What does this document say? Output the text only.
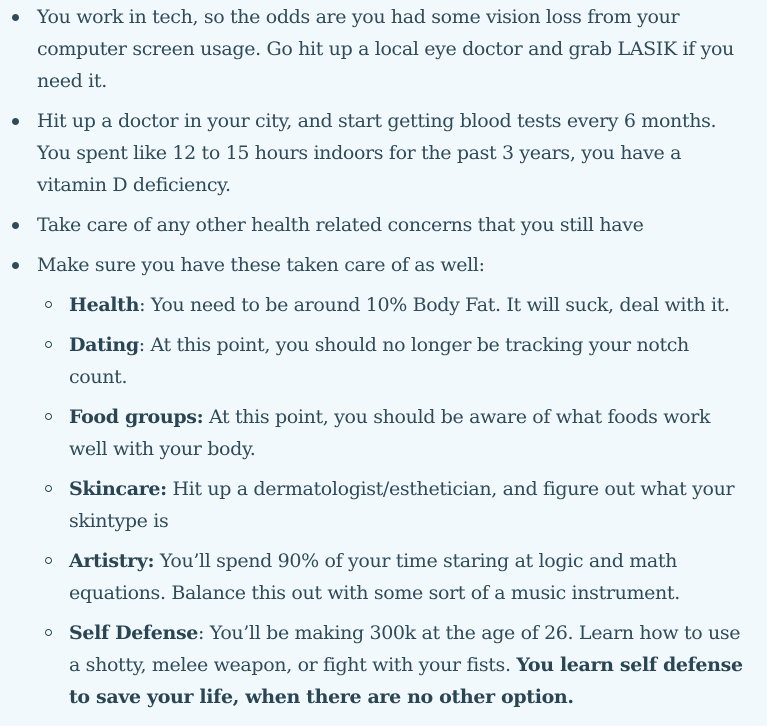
You work in tech, so the odds are you had some vision loss from your computer screen usage. Go hit up a local eye doctor and grab LASIK if you need it.
Hit up a doctor in your city, and start getting blood tests every 6 months. You spent like 12 to 15 hours indoors for the past 3 years, you have a vitamin D deficiency.
Take care of any other health related concerns that you still have
Make sure you have these taken care of as well:
Health: You need to be around 10% Body Fat. It will suck, deal with it.
Dating: At this point, you should no longer be tracking your notch count.
Food groups: At this point, you should be aware of what foods work well with your body.
Skincare: Hit up a dermatologist/esthetician, and figure out what your skintype is
Artistry: You’ll spend 90% of your time staring at logic and math equations. Balance this out with some sort of a music instrument.
Self Defense: You’ll be making 300k at the age of 26. Learn how to use a shotty, melee weapon, or fight with your fists. You learn self defense to save your life, when there are no other option.
